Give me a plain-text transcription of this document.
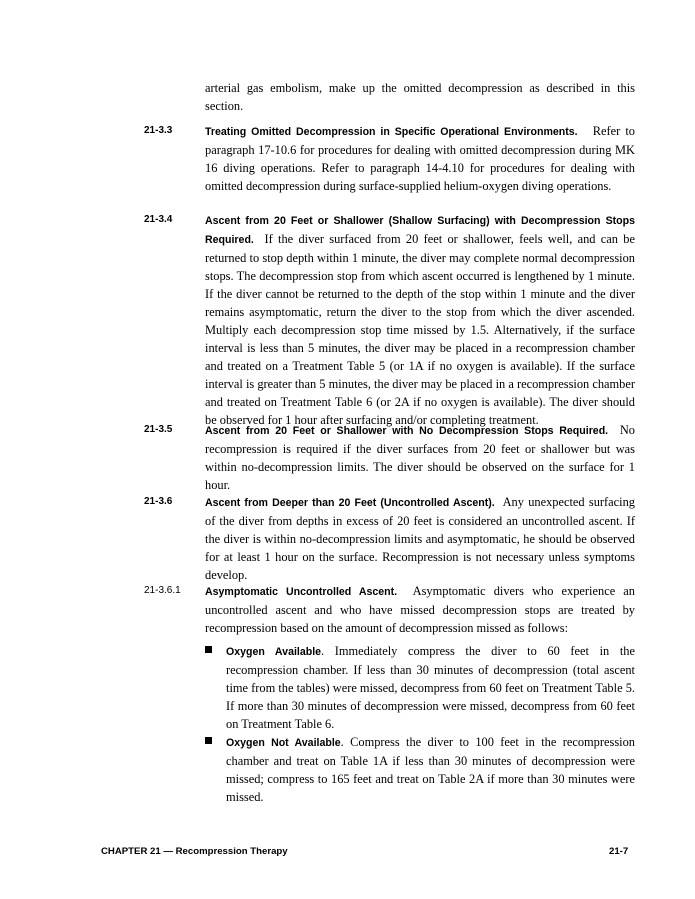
arterial gas embolism, make up the omitted decompression as described in this section.

21-3.3	Treating Omitted Decompression in Specific Operational Environments. Refer to paragraph 17-10.6 for procedures for dealing with omitted decompression during MK 16 diving operations. Refer to paragraph 14-4.10 for procedures for dealing with omitted decompression during surface-supplied helium-oxygen diving operations.

21-3.4	Ascent from 20 Feet or Shallower (Shallow Surfacing) with Decompression Stops Required. If the diver surfaced from 20 feet or shallower, feels well, and can be returned to stop depth within 1 minute, the diver may complete normal decompression stops. The decompression stop from which ascent occurred is lengthened by 1 minute. If the diver cannot be returned to the depth of the stop within 1 minute and the diver remains asymptomatic, return the diver to the stop from which the diver ascended. Multiply each decompression stop time missed by 1.5. Alternatively, if the surface interval is less than 5 minutes, the diver may be placed in a recompression chamber and treated on a Treatment Table 5 (or 1A if no oxygen is available). If the surface interval is greater than 5 minutes, the diver may be placed in a recompression chamber and treated on Treatment Table 6 (or 2A if no oxygen is available). The diver should be observed for 1 hour after surfacing and/or completing treatment.

21-3.5	Ascent from 20 Feet or Shallower with No Decompression Stops Required. No recompression is required if the diver surfaces from 20 feet or shallower but was within no-decompression limits. The diver should be observed on the surface for 1 hour.

21-3.6	Ascent from Deeper than 20 Feet (Uncontrolled Ascent). Any unexpected surfacing of the diver from depths in excess of 20 feet is considered an uncontrolled ascent. If the diver is within no-decompression limits and asymptomatic, he should be observed for at least 1 hour on the surface. Recompression is not necessary unless symptoms develop.

21-3.6.1 Asymptomatic Uncontrolled Ascent. Asymptomatic divers who experience an uncontrolled ascent and who have missed decompression stops are treated by recompression based on the amount of decompression missed as follows:

Oxygen Available. Immediately compress the diver to 60 feet in the recompression chamber. If less than 30 minutes of decompression (total ascent time from the tables) were missed, decompress from 60 feet on Treatment Table 5. If more than 30 minutes of decompression were missed, decompress from 60 feet on Treatment Table 6.

Oxygen Not Available. Compress the diver to 100 feet in the recompression chamber and treat on Table 1A if less than 30 minutes of decompression were missed; compress to 165 feet and treat on Table 2A if more than 30 minutes were missed.

CHAPTER 21 — Recompression Therapy	21-7
